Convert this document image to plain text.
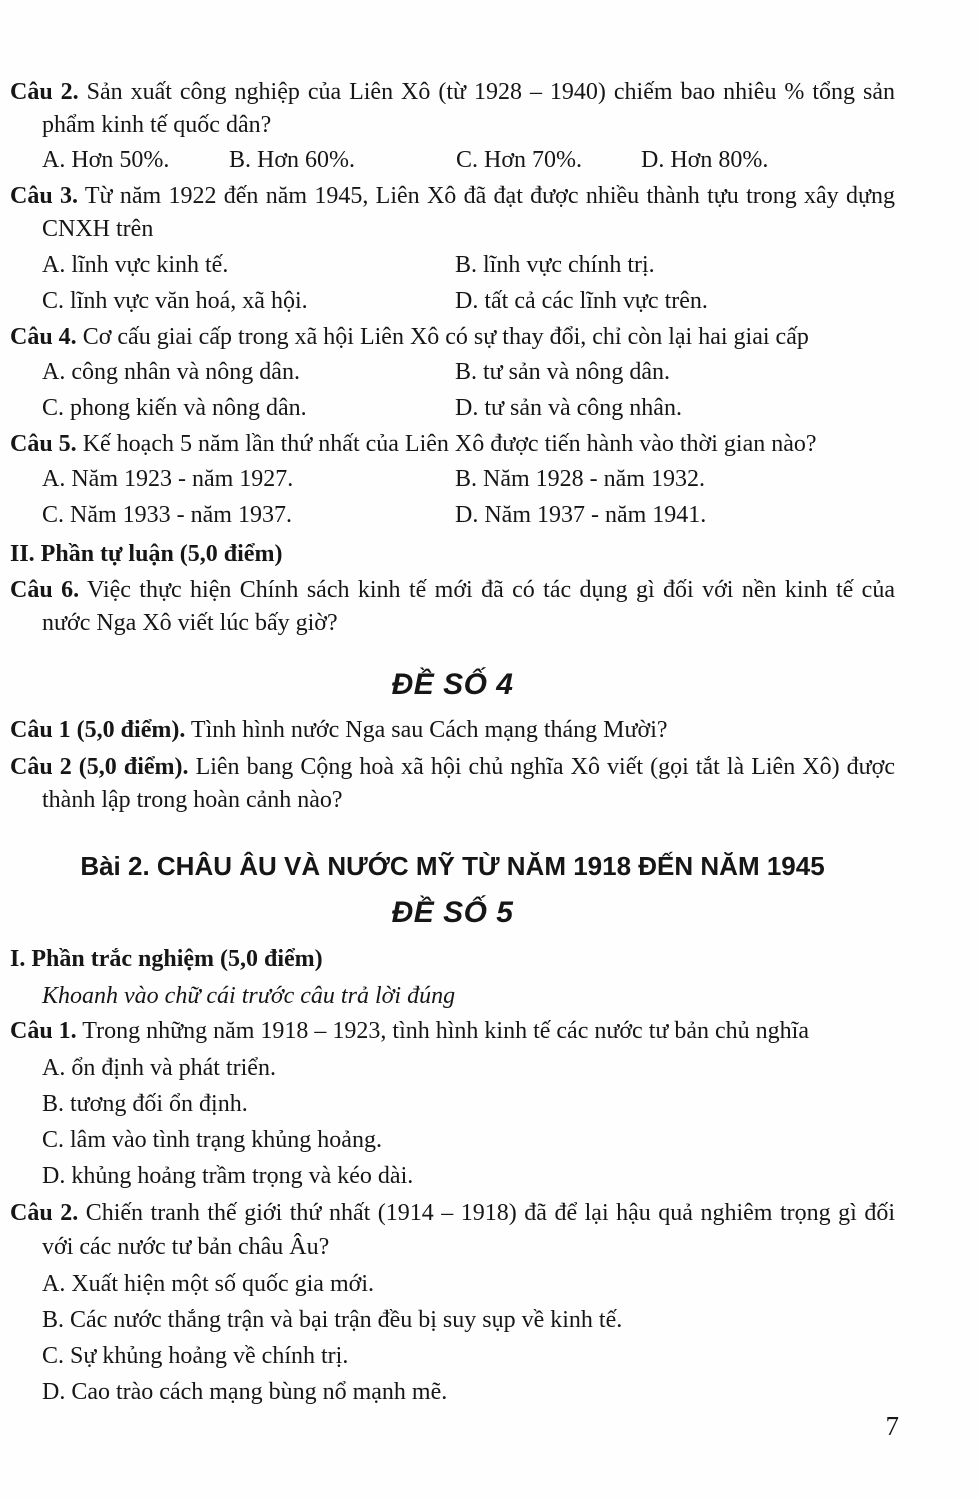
Câu 2. Sản xuất công nghiệp của Liên Xô (từ 1928 – 1940) chiếm bao nhiêu % tổng sản phẩm kinh tế quốc dân?

A. Hơn 50%.	B. Hơn 60%.	C. Hơn 70%.	D. Hơn 80%.

Câu 3. Từ năm 1922 đến năm 1945, Liên Xô đã đạt được nhiều thành tựu trong xây dựng CNXH trên

A. lĩnh vực kinh tế.	B. lĩnh vực chính trị.
C. lĩnh vực văn hoá, xã hội.	D. tất cả các lĩnh vực trên.

Câu 4. Cơ cấu giai cấp trong xã hội Liên Xô có sự thay đổi, chỉ còn lại hai giai cấp

A. công nhân và nông dân.	B. tư sản và nông dân.
C. phong kiến và nông dân.	D. tư sản và công nhân.

Câu 5. Kế hoạch 5 năm lần thứ nhất của Liên Xô được tiến hành vào thời gian nào?

A. Năm 1923 - năm 1927.	B. Năm 1928 - năm 1932.
C. Năm 1933 - năm 1937.	D. Năm 1937 - năm 1941.

II. Phần tự luận (5,0 điểm)

Câu 6. Việc thực hiện Chính sách kinh tế mới đã có tác dụng gì đối với nền kinh tế của nước Nga Xô viết lúc bấy giờ?

ĐỀ SỐ 4

Câu 1 (5,0 điểm). Tình hình nước Nga sau Cách mạng tháng Mười?

Câu 2 (5,0 điểm). Liên bang Cộng hoà xã hội chủ nghĩa Xô viết (gọi tắt là Liên Xô) được thành lập trong hoàn cảnh nào?

Bài 2. CHÂU ÂU VÀ NƯỚC MỸ TỪ NĂM 1918 ĐẾN NĂM 1945

ĐỀ SỐ 5

I. Phần trắc nghiệm (5,0 điểm)

Khoanh vào chữ cái trước câu trả lời đúng

Câu 1. Trong những năm 1918 – 1923, tình hình kinh tế các nước tư bản chủ nghĩa

A. ổn định và phát triển.
B. tương đối ổn định.
C. lâm vào tình trạng khủng hoảng.
D. khủng hoảng trầm trọng và kéo dài.

Câu 2. Chiến tranh thế giới thứ nhất (1914 – 1918) đã để lại hậu quả nghiêm trọng gì đối với các nước tư bản châu Âu?

A. Xuất hiện một số quốc gia mới.
B. Các nước thắng trận và bại trận đều bị suy sụp về kinh tế.
C. Sự khủng hoảng về chính trị.
D. Cao trào cách mạng bùng nổ mạnh mẽ.
7
